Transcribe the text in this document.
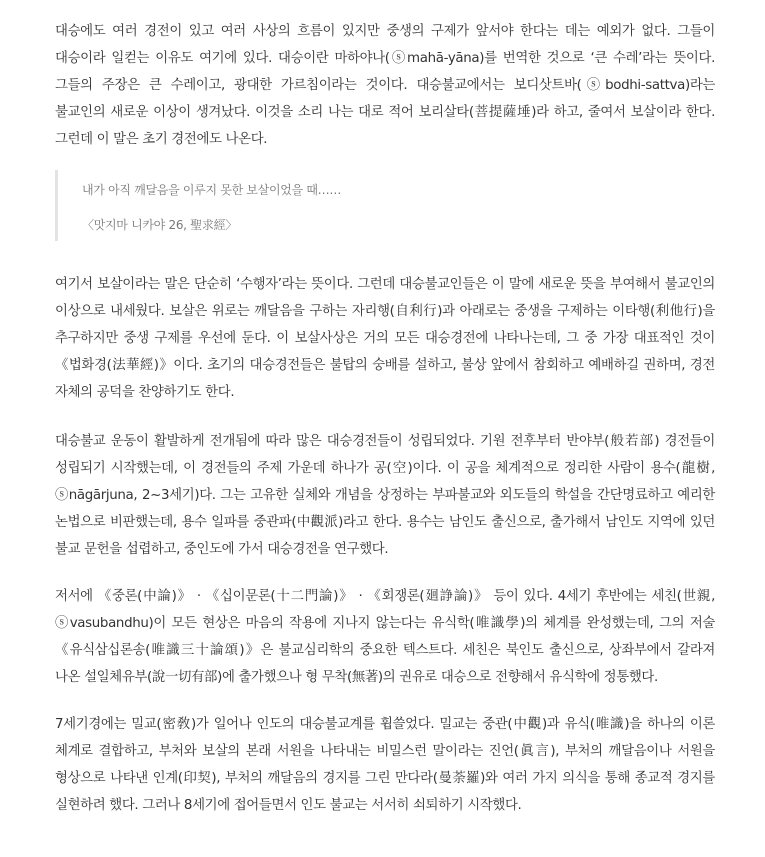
대승에도 여러 경전이 있고 여러 사상의 흐름이 있지만 중생의 구제가 앞서야 한다는 데는 예외가 없다. 그들이 대승이라 일컫는 이유도 여기에 있다. 대승이란 마하야나(ⓢmahā-yāna)를 번역한 것으로 ‘큰 수레’라는 뜻이다. 그들의 주장은 큰 수레이고, 광대한 가르침이라는 것이다. 대승불교에서는 보디삿트바(ⓢbodhi-sattva)라는 불교인의 새로운 이상이 생겨났다. 이것을 소리 나는 대로 적어 보리살타(菩提薩埵)라 하고, 줄여서 보살이라 한다. 그런데 이 말은 초기 경전에도 나온다.

내가 아직 깨달음을 이루지 못한 보살이었을 때……

〈맛지마 니카야 26, 聖求經〉

여기서 보살이라는 말은 단순히 ‘수행자’라는 뜻이다. 그런데 대승불교인들은 이 말에 새로운 뜻을 부여해서 불교인의 이상으로 내세웠다. 보살은 위로는 깨달음을 구하는 자리행(自利行)과 아래로는 중생을 구제하는 이타행(利他行)을 추구하지만 중생 구제를 우선에 둔다. 이 보살사상은 거의 모든 대승경전에 나타나는데, 그 중 가장 대표적인 것이 《법화경(法華經)》이다. 초기의 대승경전들은 불탑의 숭배를 설하고, 불상 앞에서 참회하고 예배하길 권하며, 경전 자체의 공덕을 찬양하기도 한다.

대승불교 운동이 활발하게 전개됨에 따라 많은 대승경전들이 성립되었다. 기원 전후부터 반야부(般若部) 경전들이 성립되기 시작했는데, 이 경전들의 주제 가운데 하나가 공(空)이다. 이 공을 체계적으로 정리한 사람이 용수(龍樹, ⓢnāgārjuna, 2~3세기)다. 그는 고유한 실체와 개념을 상정하는 부파불교와 외도들의 학설을 간단명료하고 예리한 논법으로 비판했는데, 용수 일파를 중관파(中觀派)라고 한다. 용수는 남인도 출신으로, 출가해서 남인도 지역에 있던 불교 문헌을 섭렵하고, 중인도에 가서 대승경전을 연구했다.

저서에 《중론(中論)》 · 《십이문론(十二門論)》 · 《회쟁론(廻諍論)》 등이 있다. 4세기 후반에는 세친(世親, ⓢvasubandhu)이 모든 현상은 마음의 작용에 지나지 않는다는 유식학(唯識學)의 체계를 완성했는데, 그의 저술 《유식삼십론송(唯識三十論頌)》은 불교심리학의 중요한 텍스트다. 세친은 북인도 출신으로, 상좌부에서 갈라져 나온 설일체유부(說一切有部)에 출가했으나 형 무착(無著)의 권유로 대승으로 전향해서 유식학에 정통했다.

7세기경에는 밀교(密敎)가 일어나 인도의 대승불교계를 휩쓸었다. 밀교는 중관(中觀)과 유식(唯識)을 하나의 이론 체계로 결합하고, 부처와 보살의 본래 서원을 나타내는 비밀스런 말이라는 진언(眞言), 부처의 깨달음이나 서원을 형상으로 나타낸 인계(印契), 부처의 깨달음의 경지를 그린 만다라(曼荼羅)와 여러 가지 의식을 통해 종교적 경지를 실현하려 했다. 그러나 8세기에 접어들면서 인도 불교는 서서히 쇠퇴하기 시작했다.
